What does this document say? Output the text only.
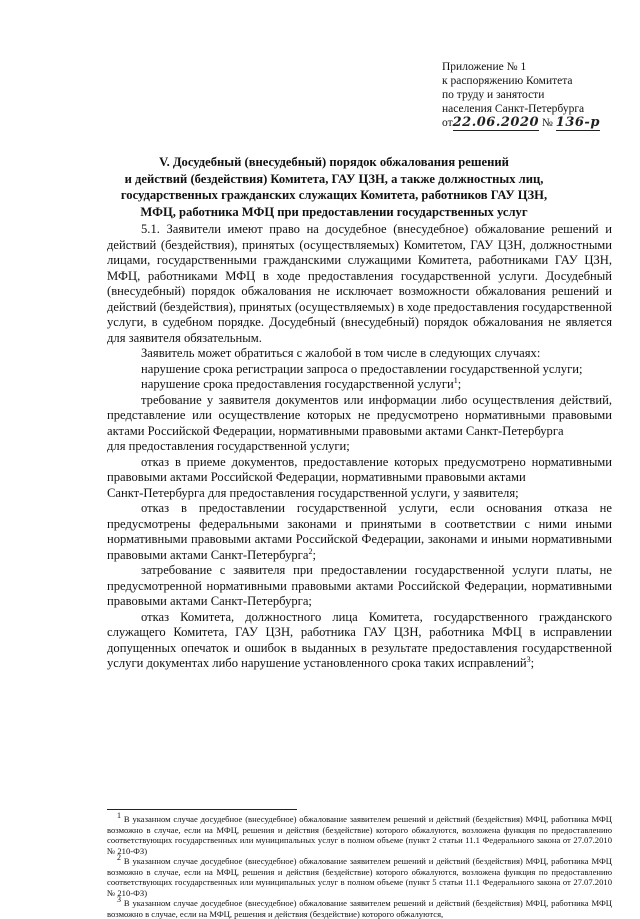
Приложение № 1
к распоряжению Комитета
по труду и занятости
населения Санкт-Петербурга
от22.06.2020 № 136-р
V. Досудебный (внесудебный) порядок обжалования решений
и действий (бездействия) Комитета, ГАУ ЦЗН, а также должностных лиц,
государственных гражданских служащих Комитета, работников ГАУ ЦЗН,
МФЦ, работника МФЦ при предоставлении государственных услуг

5.1. Заявители имеют право на досудебное (внесудебное) обжалование решений и действий (бездействия), принятых (осуществляемых) Комитетом, ГАУ ЦЗН, должностными лицами, государственными гражданскими служащими Комитета, работниками ГАУ ЦЗН, МФЦ, работниками МФЦ в ходе предоставления государственной услуги. Досудебный (внесудебный) порядок обжалования не исключает возможности обжалования решений и действий (бездействия), принятых (осуществляемых) в ходе предоставления государственной услуги, в судебном порядке. Досудебный (внесудебный) порядок обжалования не является для заявителя обязательным.

Заявитель может обратиться с жалобой в том числе в следующих случаях:

нарушение срока регистрации запроса о предоставлении государственной услуги;

нарушение срока предоставления государственной услуги$^1$;

требование у заявителя документов или информации либо осуществления действий, представление или осуществление которых не предусмотрено нормативными правовыми актами Российской Федерации, нормативными правовыми актами Санкт-Петербурга

для предоставления государственной услуги;

отказ в приеме документов, предоставление которых предусмотрено нормативными правовыми актами Российской Федерации, нормативными правовыми актами

Санкт-Петербурга для предоставления государственной услуги, у заявителя;

отказ в предоставлении государственной услуги, если основания отказа не предусмотрены федеральными законами и принятыми в соответствии с ними иными нормативными правовыми актами Российской Федерации, законами и иными нормативными правовыми актами Санкт-Петербурга$^2$;

затребование с заявителя при предоставлении государственной услуги платы, не предусмотренной нормативными правовыми актами Российской Федерации, нормативными правовыми актами Санкт-Петербурга;

отказ Комитета, должностного лица Комитета, государственного гражданского служащего Комитета, ГАУ ЦЗН, работника ГАУ ЦЗН, работника МФЦ в исправлении допущенных опечаток и ошибок в выданных в результате предоставления государственной услуги документах либо нарушение установленного срока таких исправлений$^3$;

$^1$ В указанном случае досудебное (внесудебное) обжалование заявителем решений и действий (бездействия) МФЦ, работника МФЦ возможно в случае, если на МФЦ, решения и действия (бездействие) которого обжалуются, возложена функция по предоставлению соответствующих государственных или муниципальных услуг в полном объеме (пункт 2 статьи 11.1 Федерального закона от 27.07.2010 № 210-ФЗ)

$^2$ В указанном случае досудебное (внесудебное) обжалование заявителем решений и действий (бездействия) МФЦ, работника МФЦ возможно в случае, если на МФЦ, решения и действия (бездействие) которого обжалуются, возложена функция по предоставлению соответствующих государственных или муниципальных услуг в полном объеме (пункт 5 статьи 11.1 Федерального закона от 27.07.2010 № 210-ФЗ)

$^3$ В указанном случае досудебное (внесудебное) обжалование заявителем решений и действий (бездействия) МФЦ, работника МФЦ возможно в случае, если на МФЦ, решения и действия (бездействие) которого обжалуются,
